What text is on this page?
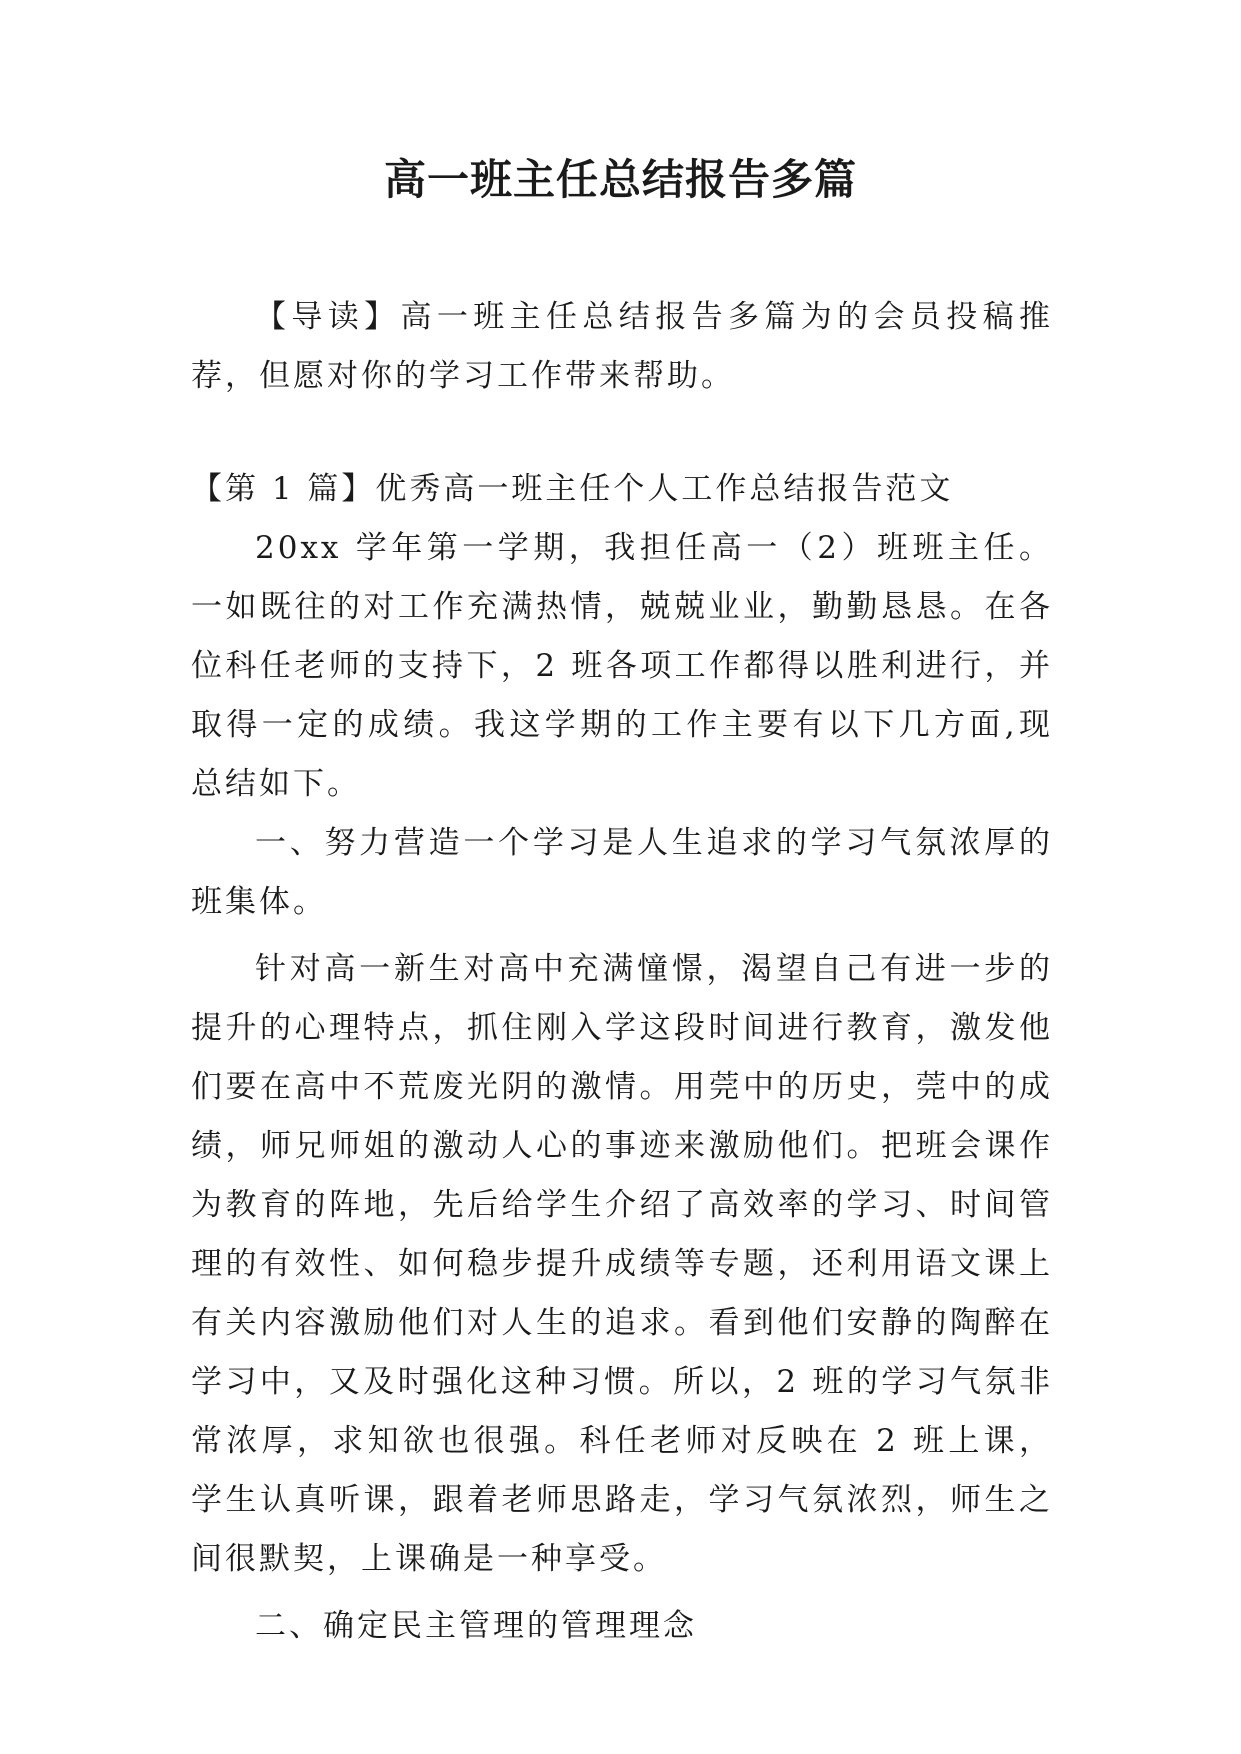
高一班主任总结报告多篇

【导读】高一班主任总结报告多篇为的会员投稿推荐，但愿对你的学习工作带来帮助。

【第 1 篇】优秀高一班主任个人工作总结报告范文

20xx 学年第一学期，我担任高一（2）班班主任。一如既往的对工作充满热情，兢兢业业，勤勤恳恳。在各位科任老师的支持下，2 班各项工作都得以胜利进行，并取得一定的成绩。我这学期的工作主要有以下几方面,现总结如下。

一、努力营造一个学习是人生追求的学习气氛浓厚的班集体。

针对高一新生对高中充满憧憬，渴望自己有进一步的提升的心理特点，抓住刚入学这段时间进行教育，激发他们要在高中不荒废光阴的激情。用莞中的历史，莞中的成绩，师兄师姐的激动人心的事迹来激励他们。把班会课作为教育的阵地，先后给学生介绍了高效率的学习、时间管理的有效性、如何稳步提升成绩等专题，还利用语文课上有关内容激励他们对人生的追求。看到他们安静的陶醉在学习中，又及时强化这种习惯。所以，2 班的学习气氛非常浓厚，求知欲也很强。科任老师对反映在 2 班上课，学生认真听课，跟着老师思路走，学习气氛浓烈，师生之间很默契，上课确是一种享受。

二、确定民主管理的管理理念
